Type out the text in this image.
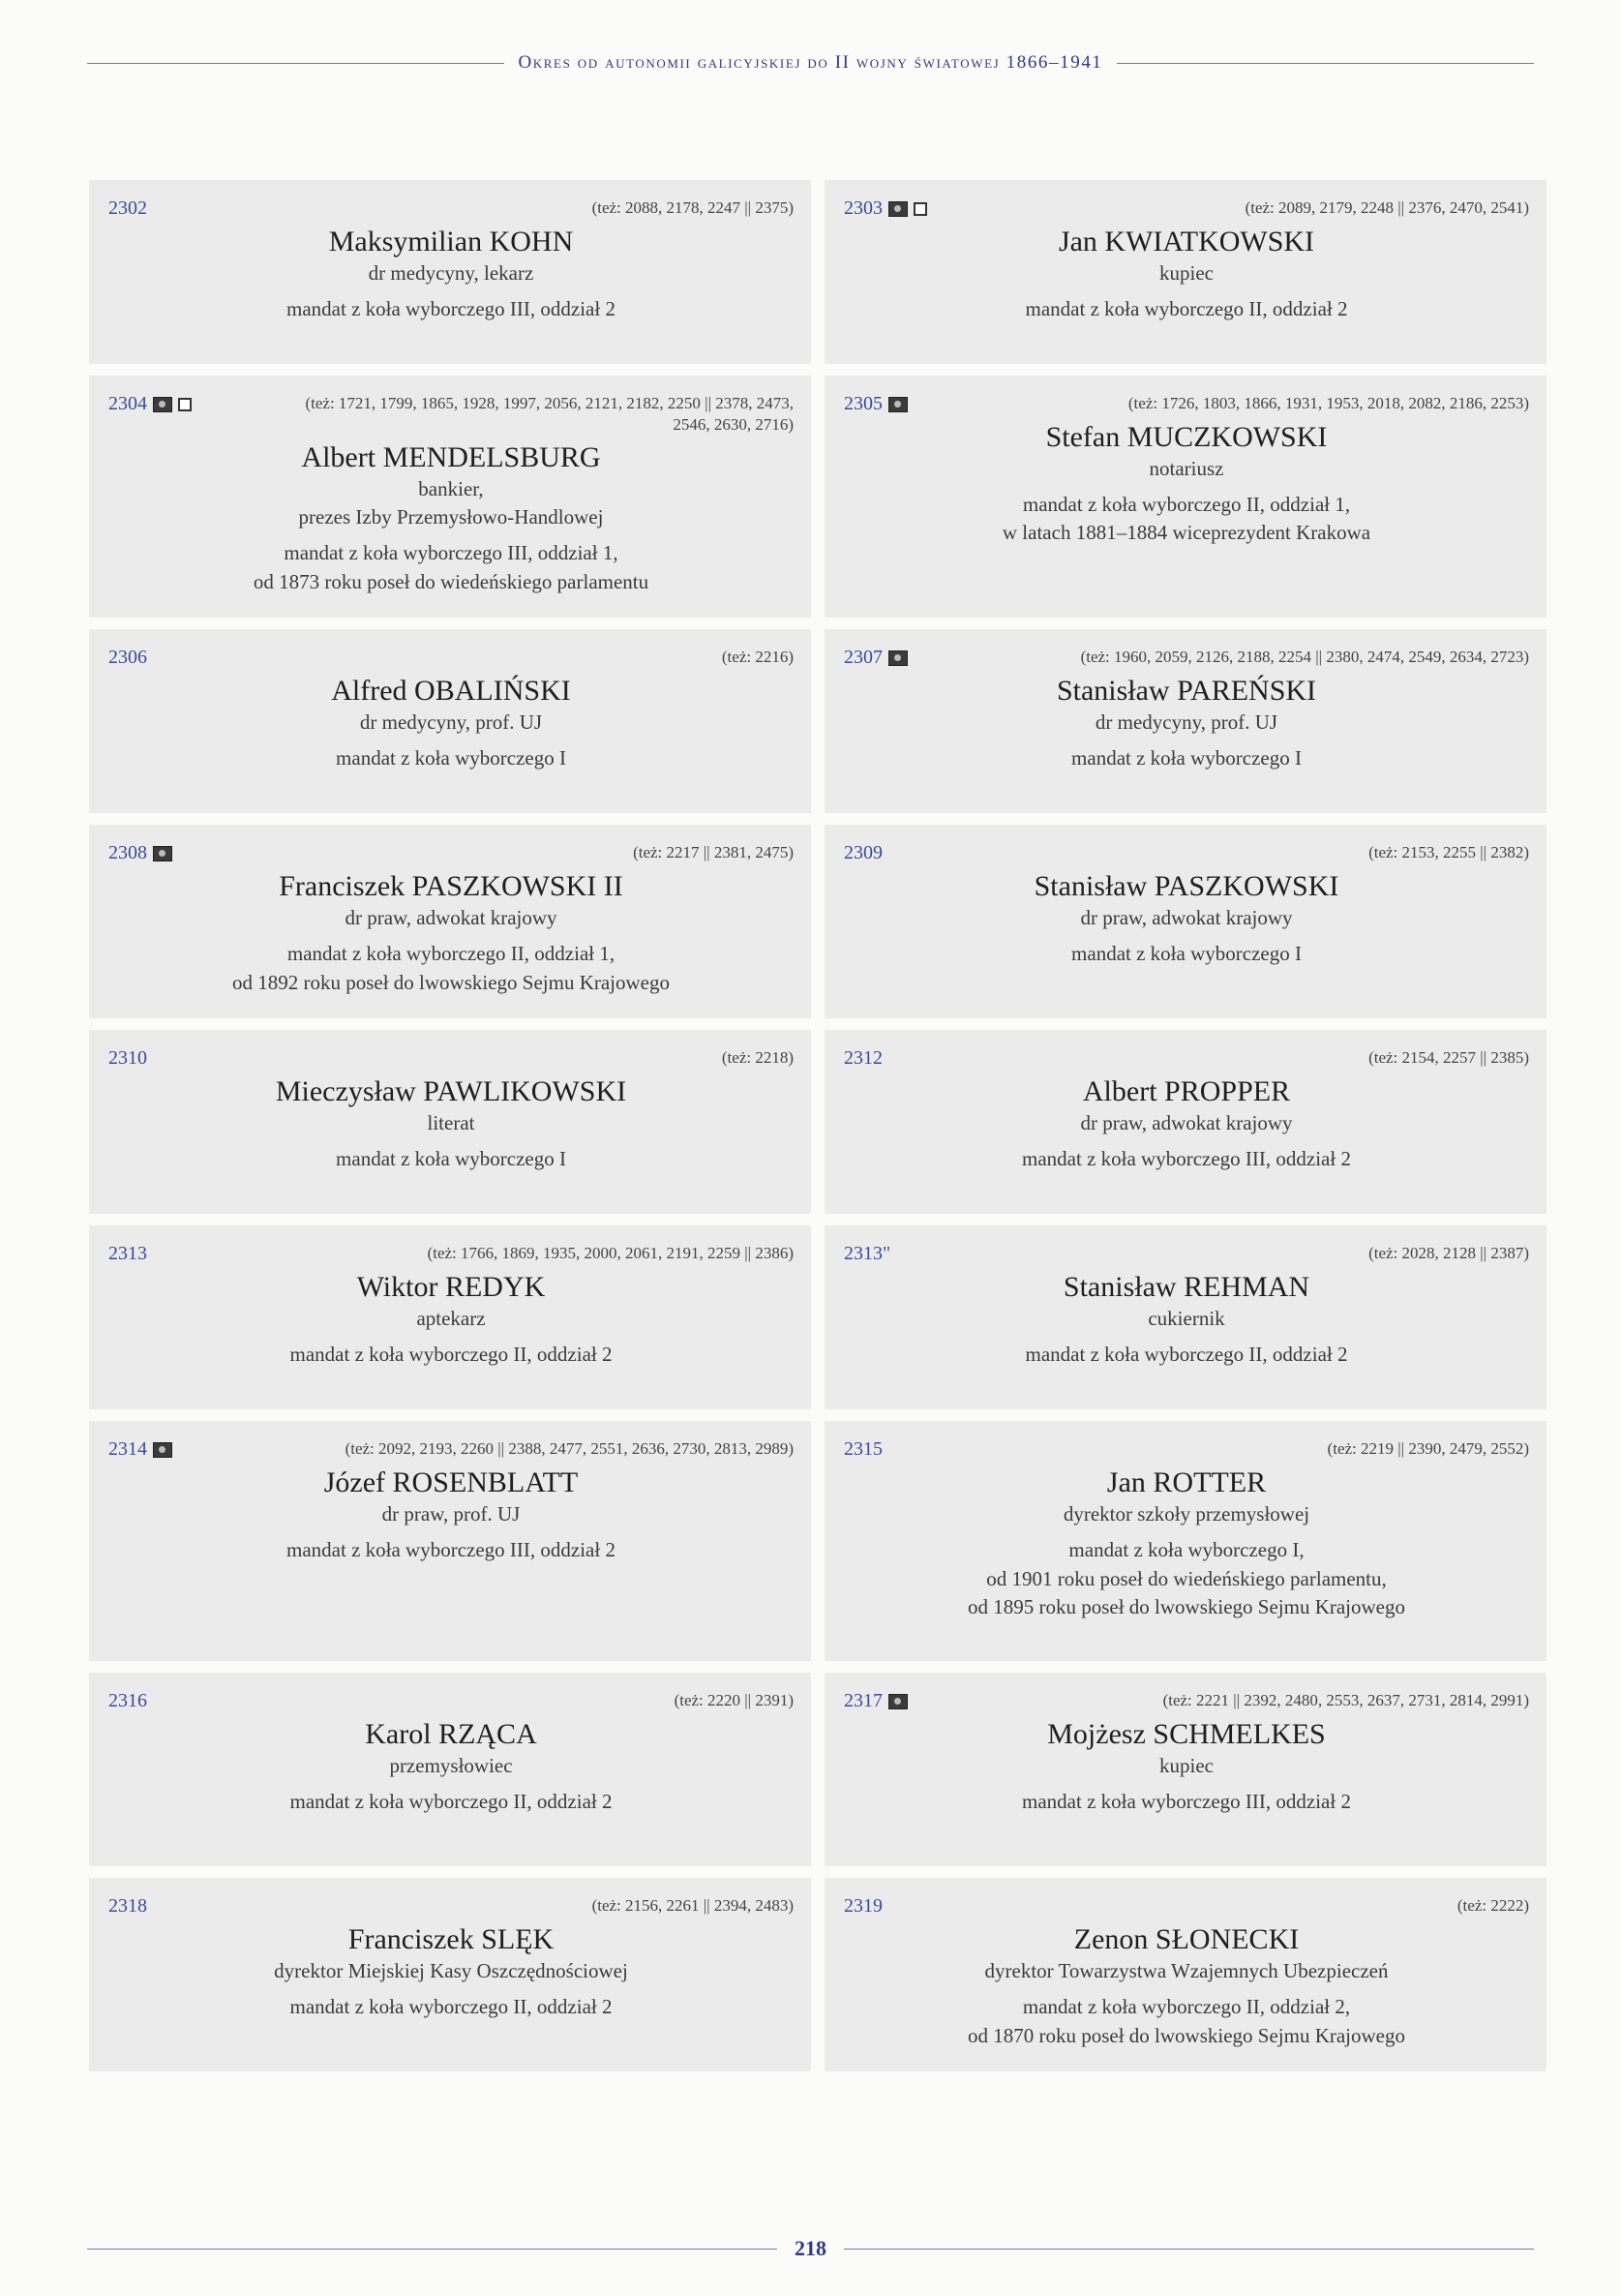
Okres od autonomii galicyjskiej do II wojny światowej 1866–1941
2302	(też: 2088, 2178, 2247 || 2375)
Maksymilian KOHN
dr medycyny, lekarz
mandat z koła wyborczego III, oddział 2
2303	(też: 2089, 2179, 2248 || 2376, 2470, 2541)
Jan KWIATKOWSKI
kupiec
mandat z koła wyborczego II, oddział 2
2304	(też: 1721, 1799, 1865, 1928, 1997, 2056, 2121, 2182, 2250 || 2378, 2473, 2546, 2630, 2716)
Albert MENDELSBURG
bankier,
prezes Izby Przemysłowo-Handlowej
mandat z koła wyborczego III, oddział 1,
od 1873 roku poseł do wiedeńskiego parlamentu
2305	(też: 1726, 1803, 1866, 1931, 1953, 2018, 2082, 2186, 2253)
Stefan MUCZKOWSKI
notariusz
mandat z koła wyborczego II, oddział 1,
w latach 1881–1884 wiceprezydent Krakowa
2306	(też: 2216)
Alfred OBALIŃSKI
dr medycyny, prof. UJ
mandat z koła wyborczego I
2307	(też: 1960, 2059, 2126, 2188, 2254 || 2380, 2474, 2549, 2634, 2723)
Stanisław PAREŃSKI
dr medycyny, prof. UJ
mandat z koła wyborczego I
2308	(też: 2217 || 2381, 2475)
Franciszek PASZKOWSKI II
dr praw, adwokat krajowy
mandat z koła wyborczego II, oddział 1,
od 1892 roku poseł do lwowskiego Sejmu Krajowego
2309	(też: 2153, 2255 || 2382)
Stanisław PASZKOWSKI
dr praw, adwokat krajowy
mandat z koła wyborczego I
2310	(też: 2218)
Mieczysław PAWLIKOWSKI
literat
mandat z koła wyborczego I
2312	(też: 2154, 2257 || 2385)
Albert PROPPER
dr praw, adwokat krajowy
mandat z koła wyborczego III, oddział 2
2313	(też: 1766, 1869, 1935, 2000, 2061, 2191, 2259 || 2386)
Wiktor REDYK
aptekarz
mandat z koła wyborczego II, oddział 2
2313"	(też: 2028, 2128 || 2387)
Stanisław REHMAN
cukiernik
mandat z koła wyborczego II, oddział 2
2314	(też: 2092, 2193, 2260 || 2388, 2477, 2551, 2636, 2730, 2813, 2989)
Józef ROSENBLATT
dr praw, prof. UJ
mandat z koła wyborczego III, oddział 2
2315	(też: 2219 || 2390, 2479, 2552)
Jan ROTTER
dyrektor szkoły przemysłowej
mandat z koła wyborczego I,
od 1901 roku poseł do wiedeńskiego parlamentu,
od 1895 roku poseł do lwowskiego Sejmu Krajowego
2316	(też: 2220 || 2391)
Karol RZĄCA
przemysłowiec
mandat z koła wyborczego II, oddział 2
2317	(też: 2221 || 2392, 2480, 2553, 2637, 2731, 2814, 2991)
Mojżesz SCHMELKES
kupiec
mandat z koła wyborczego III, oddział 2
2318	(też: 2156, 2261 || 2394, 2483)
Franciszek SLĘK
dyrektor Miejskiej Kasy Oszczędnościowej
mandat z koła wyborczego II, oddział 2
2319	(też: 2222)
Zenon SŁONECKI
dyrektor Towarzystwa Wzajemnych Ubezpieczeń
mandat z koła wyborczego II, oddział 2,
od 1870 roku poseł do lwowskiego Sejmu Krajowego
218
